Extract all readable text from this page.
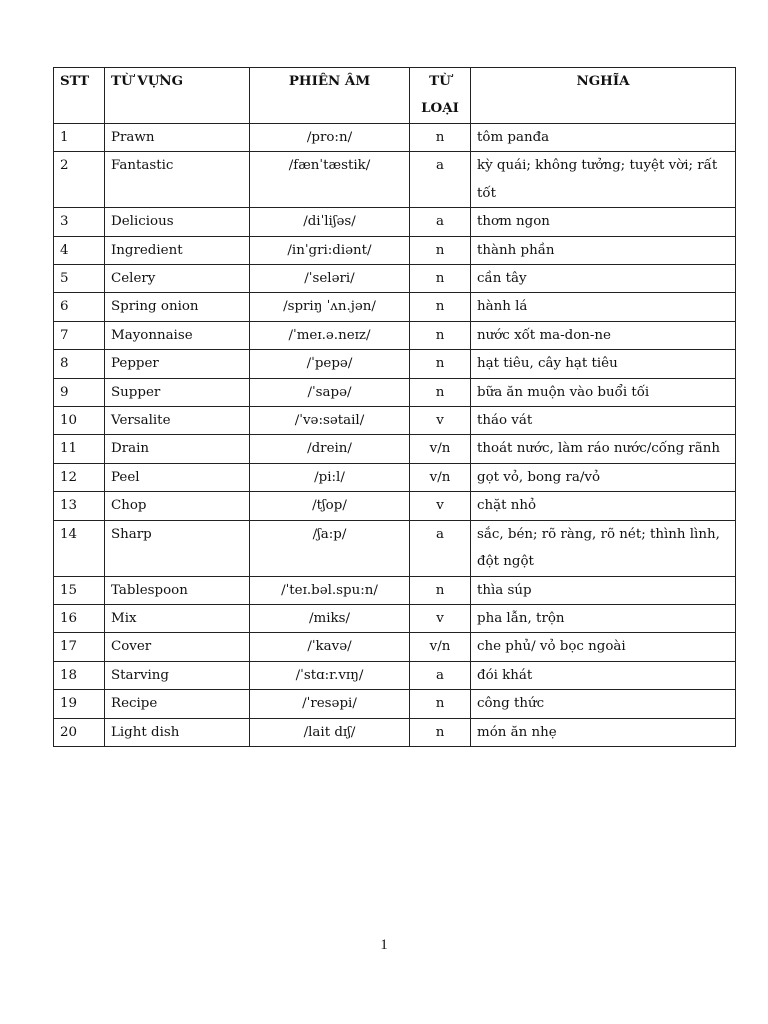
STT	TỪ VỰNG	PHIÊN ÂM	TỪ LOẠI	NGHĨA
1	Prawn	/pro:n/	n	tôm panđa
2	Fantastic	/fænˈtæstik/	a	kỳ quái; không tưởng; tuyệt vời; rất tốt
3	Delicious	/diˈliʃəs/	a	thơm ngon
4	Ingredient	/inˈgri:diənt/	n	thành phần
5	Celery	/ˈseləri/	n	cần tây
6	Spring onion	/spriŋ ˈʌn.jən/	n	hành lá
7	Mayonnaise	/ˈmeɪ.ə.neɪz/	n	nước xốt ma-don-ne
8	Pepper	/ˈpepə/	n	hạt tiêu, cây hạt tiêu
9	Supper	/ˈsapə/	n	bữa ăn muộn vào buổi tối
10	Versalite	/ˈvə:sətail/	v	tháo vát
11	Drain	/drein/	v/n	thoát nước, làm ráo nước/cống rãnh
12	Peel	/pi:l/	v/n	gọt vỏ, bong ra/vỏ
13	Chop	/tʃop/	v	chặt nhỏ
14	Sharp	/ʃa:p/	a	sắc, bén; rõ ràng, rõ nét; thình lình, đột ngột
15	Tablespoon	/ˈteɪ.bəl.spu:n/	n	thìa súp
16	Mix	/miks/	v	pha lẫn, trộn
17	Cover	/ˈkavə/	v/n	che phủ/ vỏ bọc ngoài
18	Starving	/ˈstɑ:r.vɪŋ/	a	đói khát
19	Recipe	/ˈresəpi/	n	công thức
20	Light dish	/lait dɪʃ/	n	món ăn nhẹ
1
